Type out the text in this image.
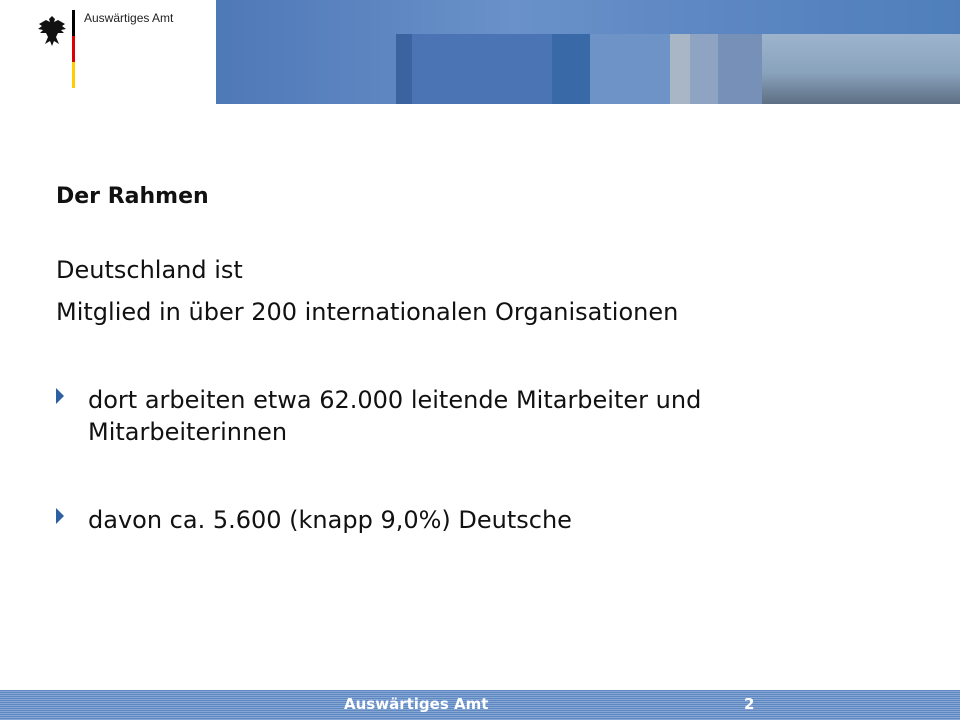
Auswärtiges Amt
Der Rahmen
Deutschland ist
Mitglied in über 200 internationalen Organisationen
dort arbeiten etwa 62.000 leitende Mitarbeiter und Mitarbeiterinnen
davon ca. 5.600 (knapp 9,0%) Deutsche
Auswärtiges Amt	2
